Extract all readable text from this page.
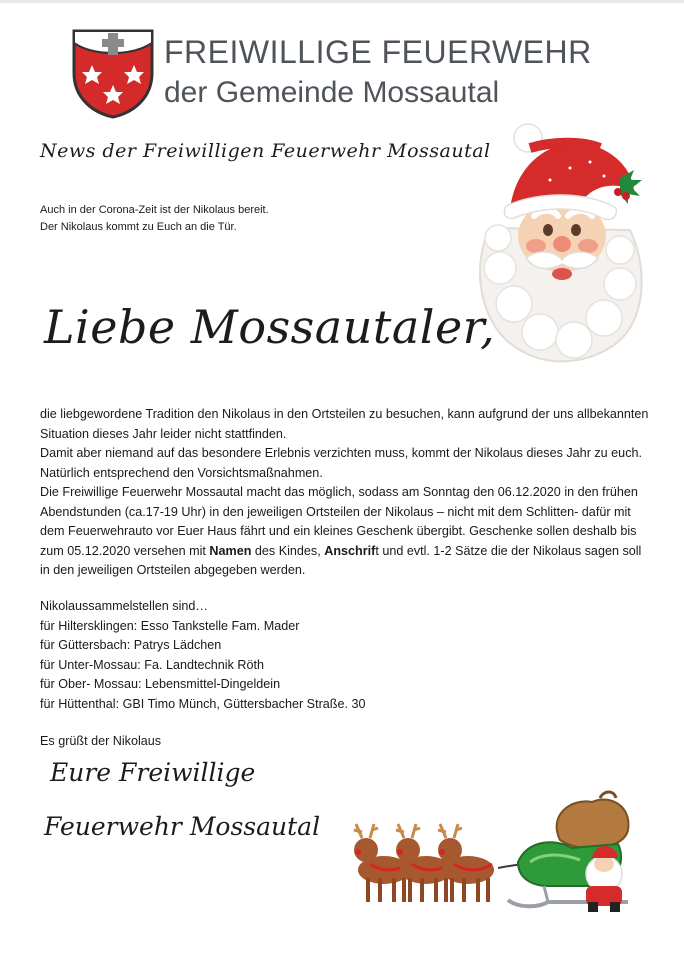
FREIWILLIGE FEUERWEHR
der Gemeinde Mossautal
News der Freiwilligen Feuerwehr Mossautal
Auch in der Corona-Zeit ist der Nikolaus bereit.
Der Nikolaus kommt zu Euch an die Tür.
Liebe Mossautaler,
die liebgewordene Tradition den Nikolaus in den Ortsteilen zu besuchen, kann aufgrund der uns allbekannten Situation dieses Jahr leider nicht stattfinden.
Damit aber niemand auf das besondere Erlebnis verzichten muss, kommt der Nikolaus dieses Jahr zu euch.
Natürlich entsprechend den Vorsichtsmaßnahmen.
Die Freiwillige Feuerwehr Mossautal macht das möglich, sodass am Sonntag den 06.12.2020 in den frühen Abendstunden (ca.17-19 Uhr) in den jeweiligen Ortsteilen der Nikolaus – nicht mit dem Schlitten- dafür mit dem Feuerwehrauto vor Euer Haus fährt und ein kleines Geschenk übergibt. Geschenke sollen deshalb bis zum 05.12.2020 versehen mit Namen des Kindes, Anschrift und evtl. 1-2 Sätze die der Nikolaus sagen soll in den jeweiligen Ortsteilen abgegeben werden.
Nikolaussammelstellen sind…
für Hiltersklingen: Esso Tankstelle Fam. Mader
für Güttersbach: Patrys Lädchen
für Unter-Mossau: Fa. Landtechnik Röth
für Ober- Mossau: Lebensmittel-Dingeldein
für Hüttenthal: GBI Timo Münch, Güttersbacher Straße. 30
Es grüßt der Nikolaus
Eure Freiwillige
Feuerwehr Mossautal
